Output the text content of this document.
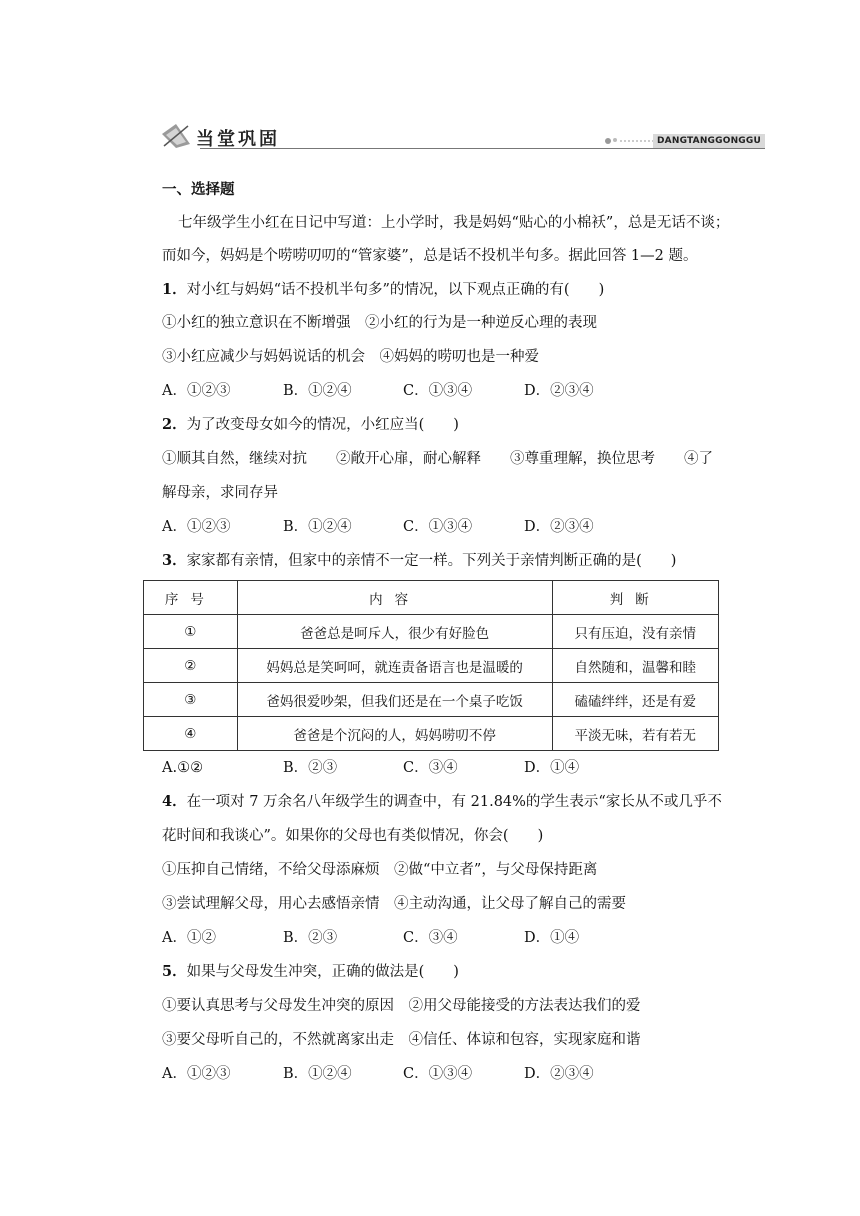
当堂巩固	DANGTANGGONGGU
一、选择题
七年级学生小红在日记中写道：上小学时，我是妈妈“贴心的小棉袄”，总是无话不谈；
而如今，妈妈是个唠唠叨叨的“管家婆”，总是话不投机半句多。据此回答 1—2 题。
1．对小红与妈妈“话不投机半句多”的情况，以下观点正确的有(　　)
①小红的独立意识在不断增强　②小红的行为是一种逆反心理的表现
③小红应减少与妈妈说话的机会　④妈妈的唠叨也是一种爱
A．①②③	B．①②④	C．①③④	D．②③④
2．为了改变母女如今的情况，小红应当(　　)
①顺其自然，继续对抗　　②敞开心扉，耐心解释　　③尊重理解，换位思考　　④了
解母亲，求同存异
A．①②③	B．①②④	C．①③④	D．②③④
3．家家都有亲情，但家中的亲情不一定一样。下列关于亲情判断正确的是(　　)
序号	内容	判断
①	爸爸总是呵斥人，很少有好脸色	只有压迫，没有亲情
②	妈妈总是笑呵呵，就连责备语言也是温暖的	自然随和，温馨和睦
③	爸妈很爱吵架，但我们还是在一个桌子吃饭	磕磕绊绊，还是有爱
④	爸爸是个沉闷的人，妈妈唠叨不停	平淡无味，若有若无
A.①②	B．②③	C．③④	D．①④
4．在一项对 7 万余名八年级学生的调查中，有 21.84%的学生表示“家长从不或几乎不
花时间和我谈心”。如果你的父母也有类似情况，你会(　　)
①压抑自己情绪，不给父母添麻烦　②做“中立者”，与父母保持距离
③尝试理解父母，用心去感悟亲情　④主动沟通，让父母了解自己的需要
A．①②	B．②③	C．③④	D．①④
5．如果与父母发生冲突，正确的做法是(　　)
①要认真思考与父母发生冲突的原因　②用父母能接受的方法表达我们的爱
③要父母听自己的，不然就离家出走　④信任、体谅和包容，实现家庭和谐
A．①②③	B．①②④	C．①③④	D．②③④
